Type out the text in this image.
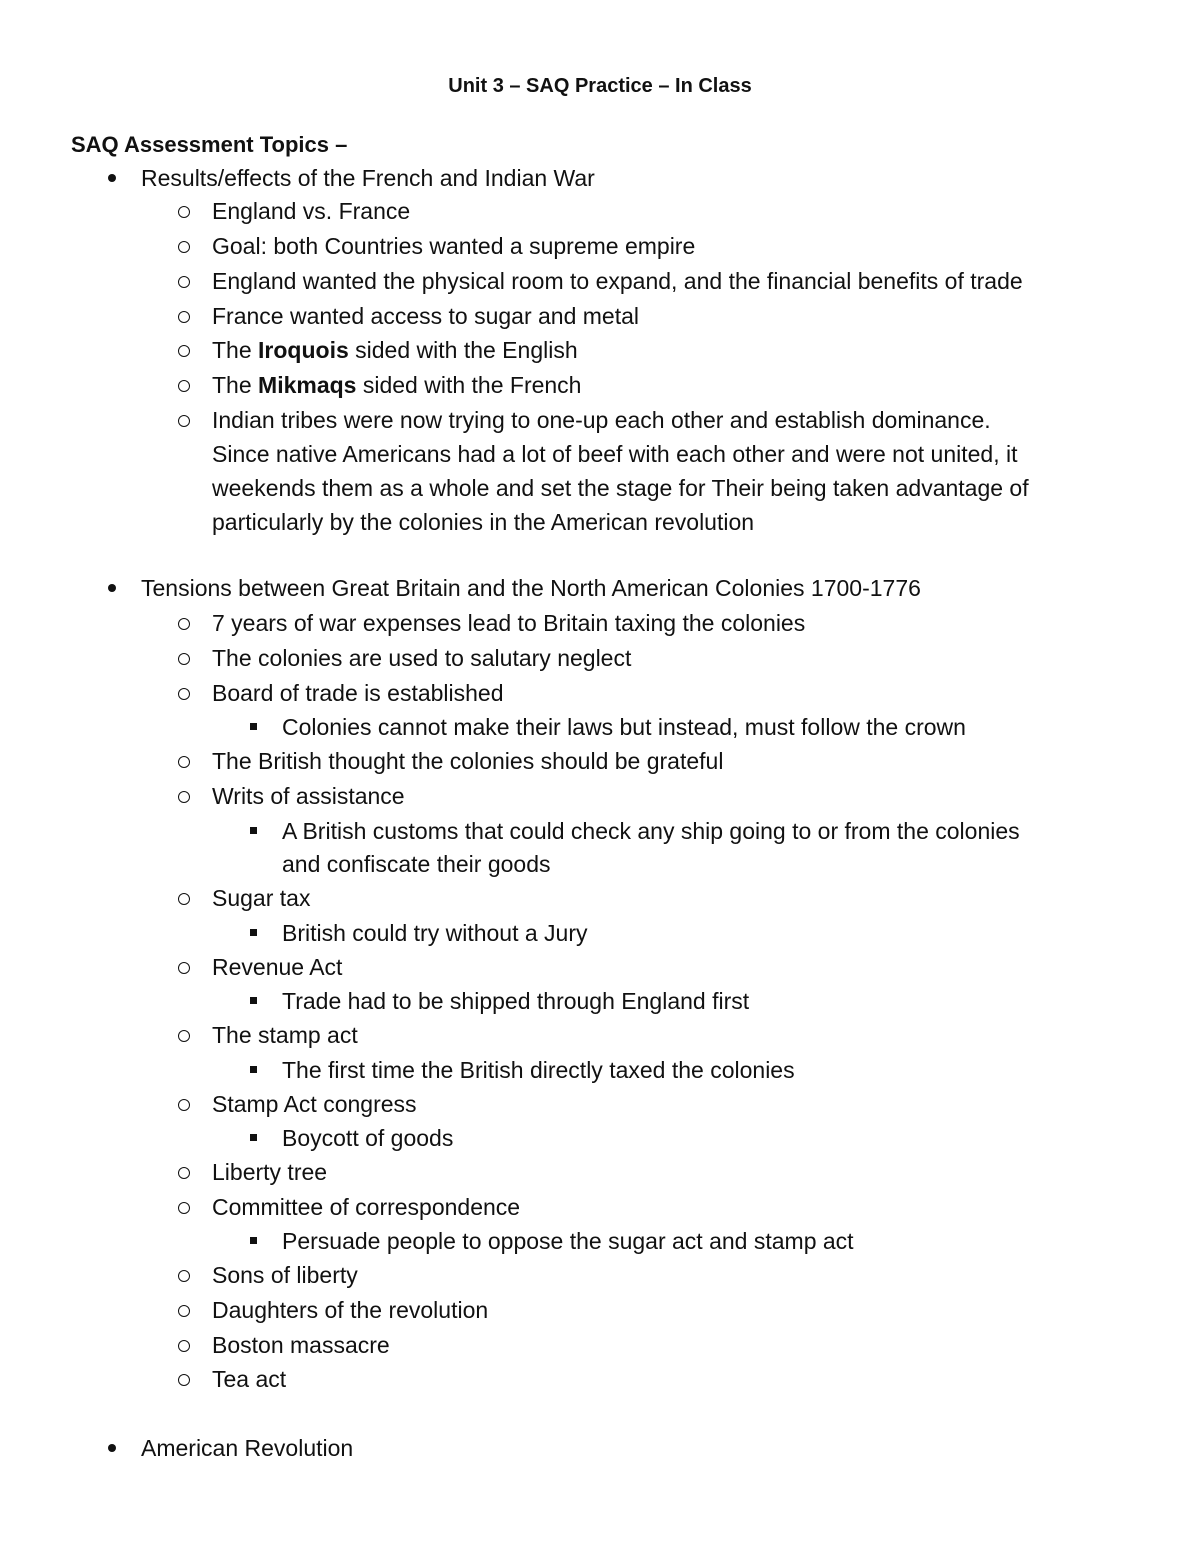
Unit 3 – SAQ Practice – In Class
SAQ Assessment Topics –
Results/effects of the French and Indian War
England vs. France
Goal: both Countries wanted a supreme empire
England wanted the physical room to expand, and the financial benefits of trade
France wanted access to sugar and metal
The Iroquois sided with the English
The Mikmaqs sided with the French
Indian tribes were now trying to one-up each other and establish dominance.
Since native Americans had a lot of beef with each other and were not united, it
weekends them as a whole and set the stage for Their being taken advantage of
particularly by the colonies in the American revolution
Tensions between Great Britain and the North American Colonies 1700-1776
7 years of war expenses lead to Britain taxing the colonies
The colonies are used to salutary neglect
Board of trade is established
Colonies cannot make their laws but instead, must follow the crown
The British thought the colonies should be grateful
Writs of assistance
A British customs that could check any ship going to or from the colonies
and confiscate their goods
Sugar tax
British could try without a Jury
Revenue Act
Trade had to be shipped through England first
The stamp act
The first time the British directly taxed the colonies
Stamp Act congress
Boycott of goods
Liberty tree
Committee of correspondence
Persuade people to oppose the sugar act and stamp act
Sons of liberty
Daughters of the revolution
Boston massacre
Tea act
American Revolution
